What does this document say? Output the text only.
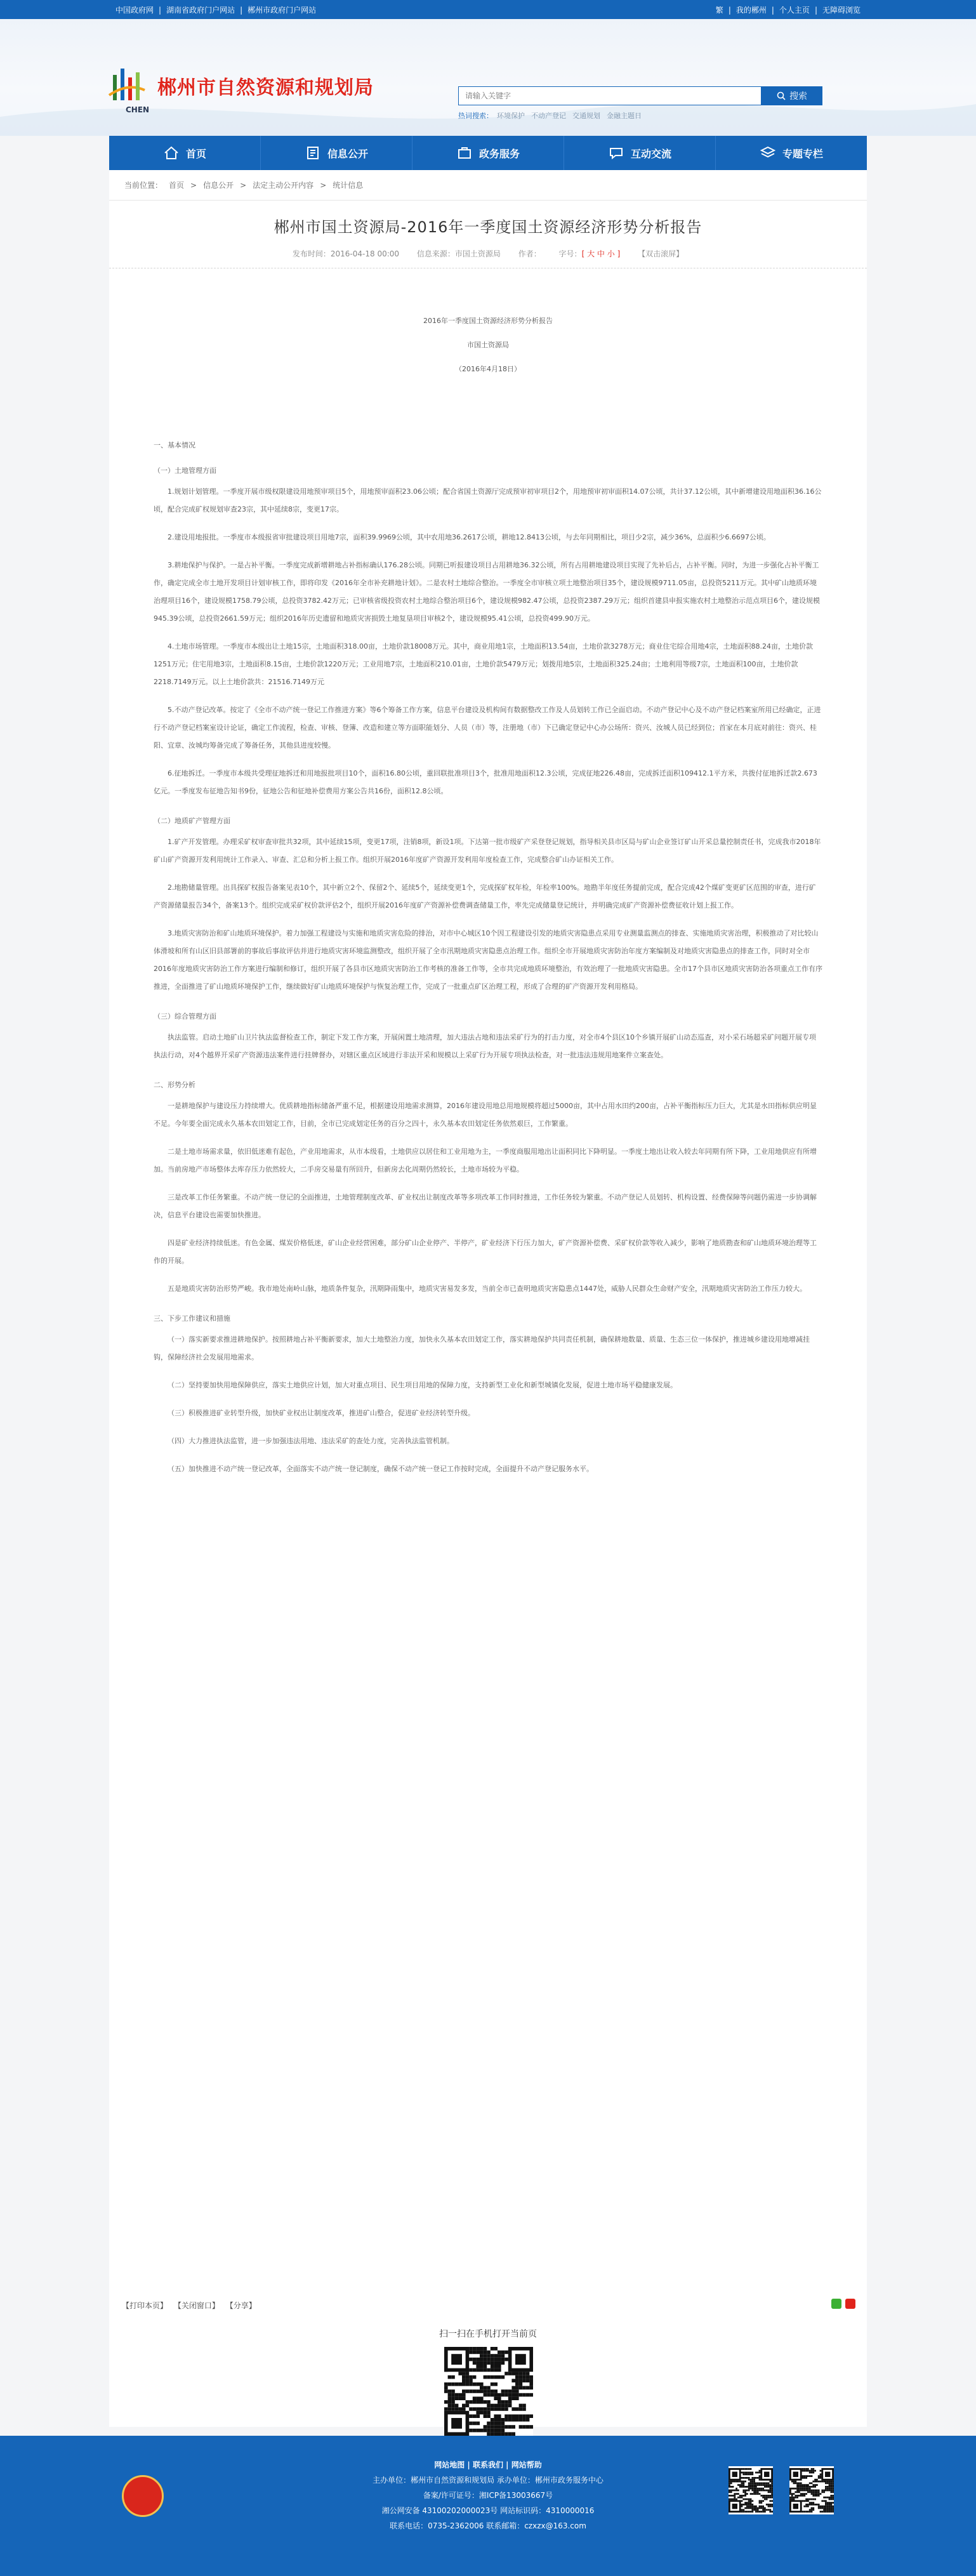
中国政府网 | 湖南省政府门户网站 | 郴州市政府门户网站	繁 | 我的郴州 | 个人主页 | 无障碍浏览
郴州市自然资源和规划局
CHEN
请输入关键字
搜索
热词搜索： 环境保护 不动产登记 交通规划 金融主题日
首页	信息公开	政务服务	互动交流	专题专栏
当前位置： 首页 > 信息公开 > 法定主动公开内容 > 统计信息
郴州市国土资源局-2016年一季度国土资源经济形势分析报告
发布时间：2016-04-18 00:00 信息来源：市国土资源局 作者： 字号：[ 大 中 小 ] 【双击滚屏】

2016年一季度国土资源经济形势分析报告

市国土资源局

（2016年4月18日）

一、基本情况

（一）土地管理方面

1.规划计划管理。一季度开展市级权限建设用地预审项目5个，用地预审面积23.06公顷；配合省国土资源厅完成预审初审项目2个，用地预审初审面积14.07公顷，共计37.12公顷，其中新增建设用地面积36.16公顷，配合完成矿权规划审查23宗，其中延续8宗，变更17宗。

2.建设用地报批。一季度市本级报省审批建设项目用地7宗，面积39.9969公顷，其中农用地36.2617公顷，耕地12.8413公顷，与去年同期相比，项目少2宗，减少36%，总面积少6.6697公顷。

3.耕地保护与保护。一是占补平衡。一季度完成新增耕地占补指标确认176.28公顷。同期已听报建设项目占用耕地36.32公顷，所有占用耕地建设项目实现了先补后占，占补平衡。同时，为进一步强化占补平衡工作，确定完成全市土地开发项目计划审核工作，即将印发《2016年全市补充耕地计划》。二是农村土地综合整治。一季度全市审核立项土地整治项目35个，建设规模9711.05亩，总投资5211万元。其中矿山地质环境治理项目16个，建设规模1758.79公顷，总投资3782.42万元；已审核省级投资农村土地综合整治项目6个，建设规模982.47公顷，总投资2387.29万元；组织首建县申报实施农村土地整治示范点项目6个，建设规模945.39公顷，总投资2661.59万元；组织2016年历史遗留和地质灾害损毁土地复垦项目审核2个，建设规模95.41公顷，总投资499.90万元。

4.土地市场管理。一季度市本级出让土地15宗，土地面积318.00亩，土地价款18008万元。其中，商业用地1宗，土地面积13.54亩，土地价款3278万元；商业住宅综合用地4宗，土地面积88.24亩，土地价款1251万元；住宅用地3宗，土地面积8.15亩，土地价款1220万元；工业用地7宗，土地面积210.01亩，土地价款5479万元；划拨用地5宗，土地面积325.24亩；土地利用等级7宗，土地面积100亩，土地价款2218.7149万元。以上土地价款共：21516.7149万元

5.不动产登记改革。按定了《全市不动产统一登记工作推进方案》等6个筹备工作方案，信息平台建设及机构间有数据整改工作及人员划转工作已全面启动。不动产登记中心及不动产登记档案室所用已经确定，正进行不动产登记档案室设计论证，确定工作流程，检查、审核、登簿、改造和建立等方面职能划分、人员（市）等，注册地（市）下已确定登记中心办公场所：资兴、汝城人员已经到位；首家在本月底对前往：资兴、桂阳、宜章、汝城均筹备完成了筹备任务，其他县进度较慢。

6.征地拆迁。一季度市本级共受理征地拆迁和用地报批项目10个，面积16.80公顷，重回联批准项目3个，批准用地面积12.3公顷，完成征地226.48亩，完成拆迁面积109412.1平方米，共拨付征地拆迁款2.673亿元。一季度发布征地告知书9份，征地公告和征地补偿费用方案公告共16份，面积12.8公顷。

（二）地质矿产管理方面

1.矿产开发管理。办理采矿权审查审批共32项，其中延续15项，变更17项，注销8项，新设1项。下达第一批市级矿产采登登记规划，指导相关县市区局与矿山企业签订矿山开采总量控制责任书，完成我市2018年矿山矿产资源开发利用统计工作录入、审查、汇总和分析上报工作。组织开展2016年度矿产资源开发利用年度检查工作，完成整合矿山办证相关工作。

2.地勘储量管理。出具探矿权报告备案见表10个，其中新立2个、保留2个、延续5个，延续变更1个，完成探矿权年检，年检率100%。地勘半年度任务提前完成，配合完成42个煤矿变更矿区范围的审查，进行矿产资源储量报告34个，备案13个。组织完成采矿权价款评估2个，组织开展2016年度矿产资源补偿费调查储量工作，率先完成储量登记统计，并明确完成矿产资源补偿费征收计划上报工作。

3.地质灾害防治和矿山地质环境保护。着力加强工程建设与实施和地质灾害危险的排治，对市中心城区10个因工程建设引发的地质灾害隐患点采用专业测量监测点的排查、实施地质灾害治理，积极推动了对比较山体滑坡和所有山区旧县部署前的事故后事故评估并进行地质灾害环境监测整改，组织开展了全市汛期地质灾害隐患点治理工作。组织全市开展地质灾害防治年度方案编制及对地质灾害隐患点的排查工作，同时对全市2016年度地质灾害防治工作方案进行编制和修订，组织开展了各县市区地质灾害防治工作考核的准备工作等，全市共完成地质环境整治，有效治理了一批地质灾害隐患。全市17个县市区地质灾害防治各项重点工作有序推进，全面推进了矿山地质环境保护工作，继续做好矿山地质环境保护与恢复治理工作，完成了一批重点矿区治理工程，形成了合理的矿产资源开发利用格局。

（三）综合管理方面

执法监管。启动土地矿山卫片执法监督检查工作，制定下发工作方案，开展闲置土地清理，加大违法占地和违法采矿行为的打击力度，对全市4个县区10个乡镇开展矿山动态巡查，对小采石场超采矿问题开展专项执法行动，对4个越界开采矿产资源违法案件进行挂牌督办，对辖区重点区域进行非法开采和规模以上采矿行为开展专项执法检查，对一批违法违规用地案件立案查处。

二、形势分析

一是耕地保护与建设压力持续增大。优质耕地指标储备严重不足，根据建设用地需求测算，2016年建设用地总用地规模将超过5000亩，其中占用水田约200亩，占补平衡指标压力巨大，尤其是水田指标供应明显不足。今年要全面完成永久基本农田划定工作，目前，全市已完成划定任务的百分之四十，永久基本农田划定任务依然艰巨，工作繁重。

二是土地市场需求量，依旧低迷难有起色，产业用地需求，从市本级看，土地供应以居住和工业用地为主，一季度商服用地出让面积同比下降明显。一季度土地出让收入较去年同期有所下降，工业用地供应有所增加。当前房地产市场整体去库存压力依然较大，二手房交易量有所回升，但新房去化周期仍然较长，土地市场较为平稳。

三是改革工作任务繁重。不动产统一登记的全面推进，土地管理制度改革、矿业权出让制度改革等多项改革工作同时推进，工作任务较为繁重。不动产登记人员划转、机构设置、经费保障等问题仍需进一步协调解决，信息平台建设也需要加快推进。

四是矿业经济持续低迷。有色金属、煤炭价格低迷，矿山企业经营困难，部分矿山企业停产、半停产，矿业经济下行压力加大，矿产资源补偿费、采矿权价款等收入减少，影响了地质勘查和矿山地质环境治理等工作的开展。

五是地质灾害防治形势严峻。我市地处南岭山脉，地质条件复杂，汛期降雨集中，地质灾害易发多发，当前全市已查明地质灾害隐患点1447处，威胁人民群众生命财产安全，汛期地质灾害防治工作压力较大。

三、下步工作建议和措施

（一）落实新要求推进耕地保护。按照耕地占补平衡新要求，加大土地整治力度，加快永久基本农田划定工作，落实耕地保护共同责任机制，确保耕地数量、质量、生态三位一体保护，推进城乡建设用地增减挂钩，保障经济社会发展用地需求。

（二）坚持要加快用地保障供应，落实土地供应计划，加大对重点项目、民生项目用地的保障力度，支持新型工业化和新型城镇化发展，促进土地市场平稳健康发展。

（三）积极推进矿业转型升级，加快矿业权出让制度改革，推进矿山整合，促进矿业经济转型升级。

（四）大力推进执法监管，进一步加强违法用地、违法采矿的查处力度，完善执法监管机制。

（五）加快推进不动产统一登记改革，全面落实不动产统一登记制度，确保不动产统一登记工作按时完成，全面提升不动产登记服务水平。

【打印本页】 【关闭窗口】 【分享】
扫一扫在手机打开当前页
网站地图 | 联系我们 | 网站帮助
主办单位：郴州市自然资源和规划局 承办单位：郴州市政务服务中心
备案/许可证号：湘ICP备13003667号
湘公网安备 43100202000023号 网站标识码：4310000016
联系电话：0735-2362006 联系邮箱：czxzx@163.com
